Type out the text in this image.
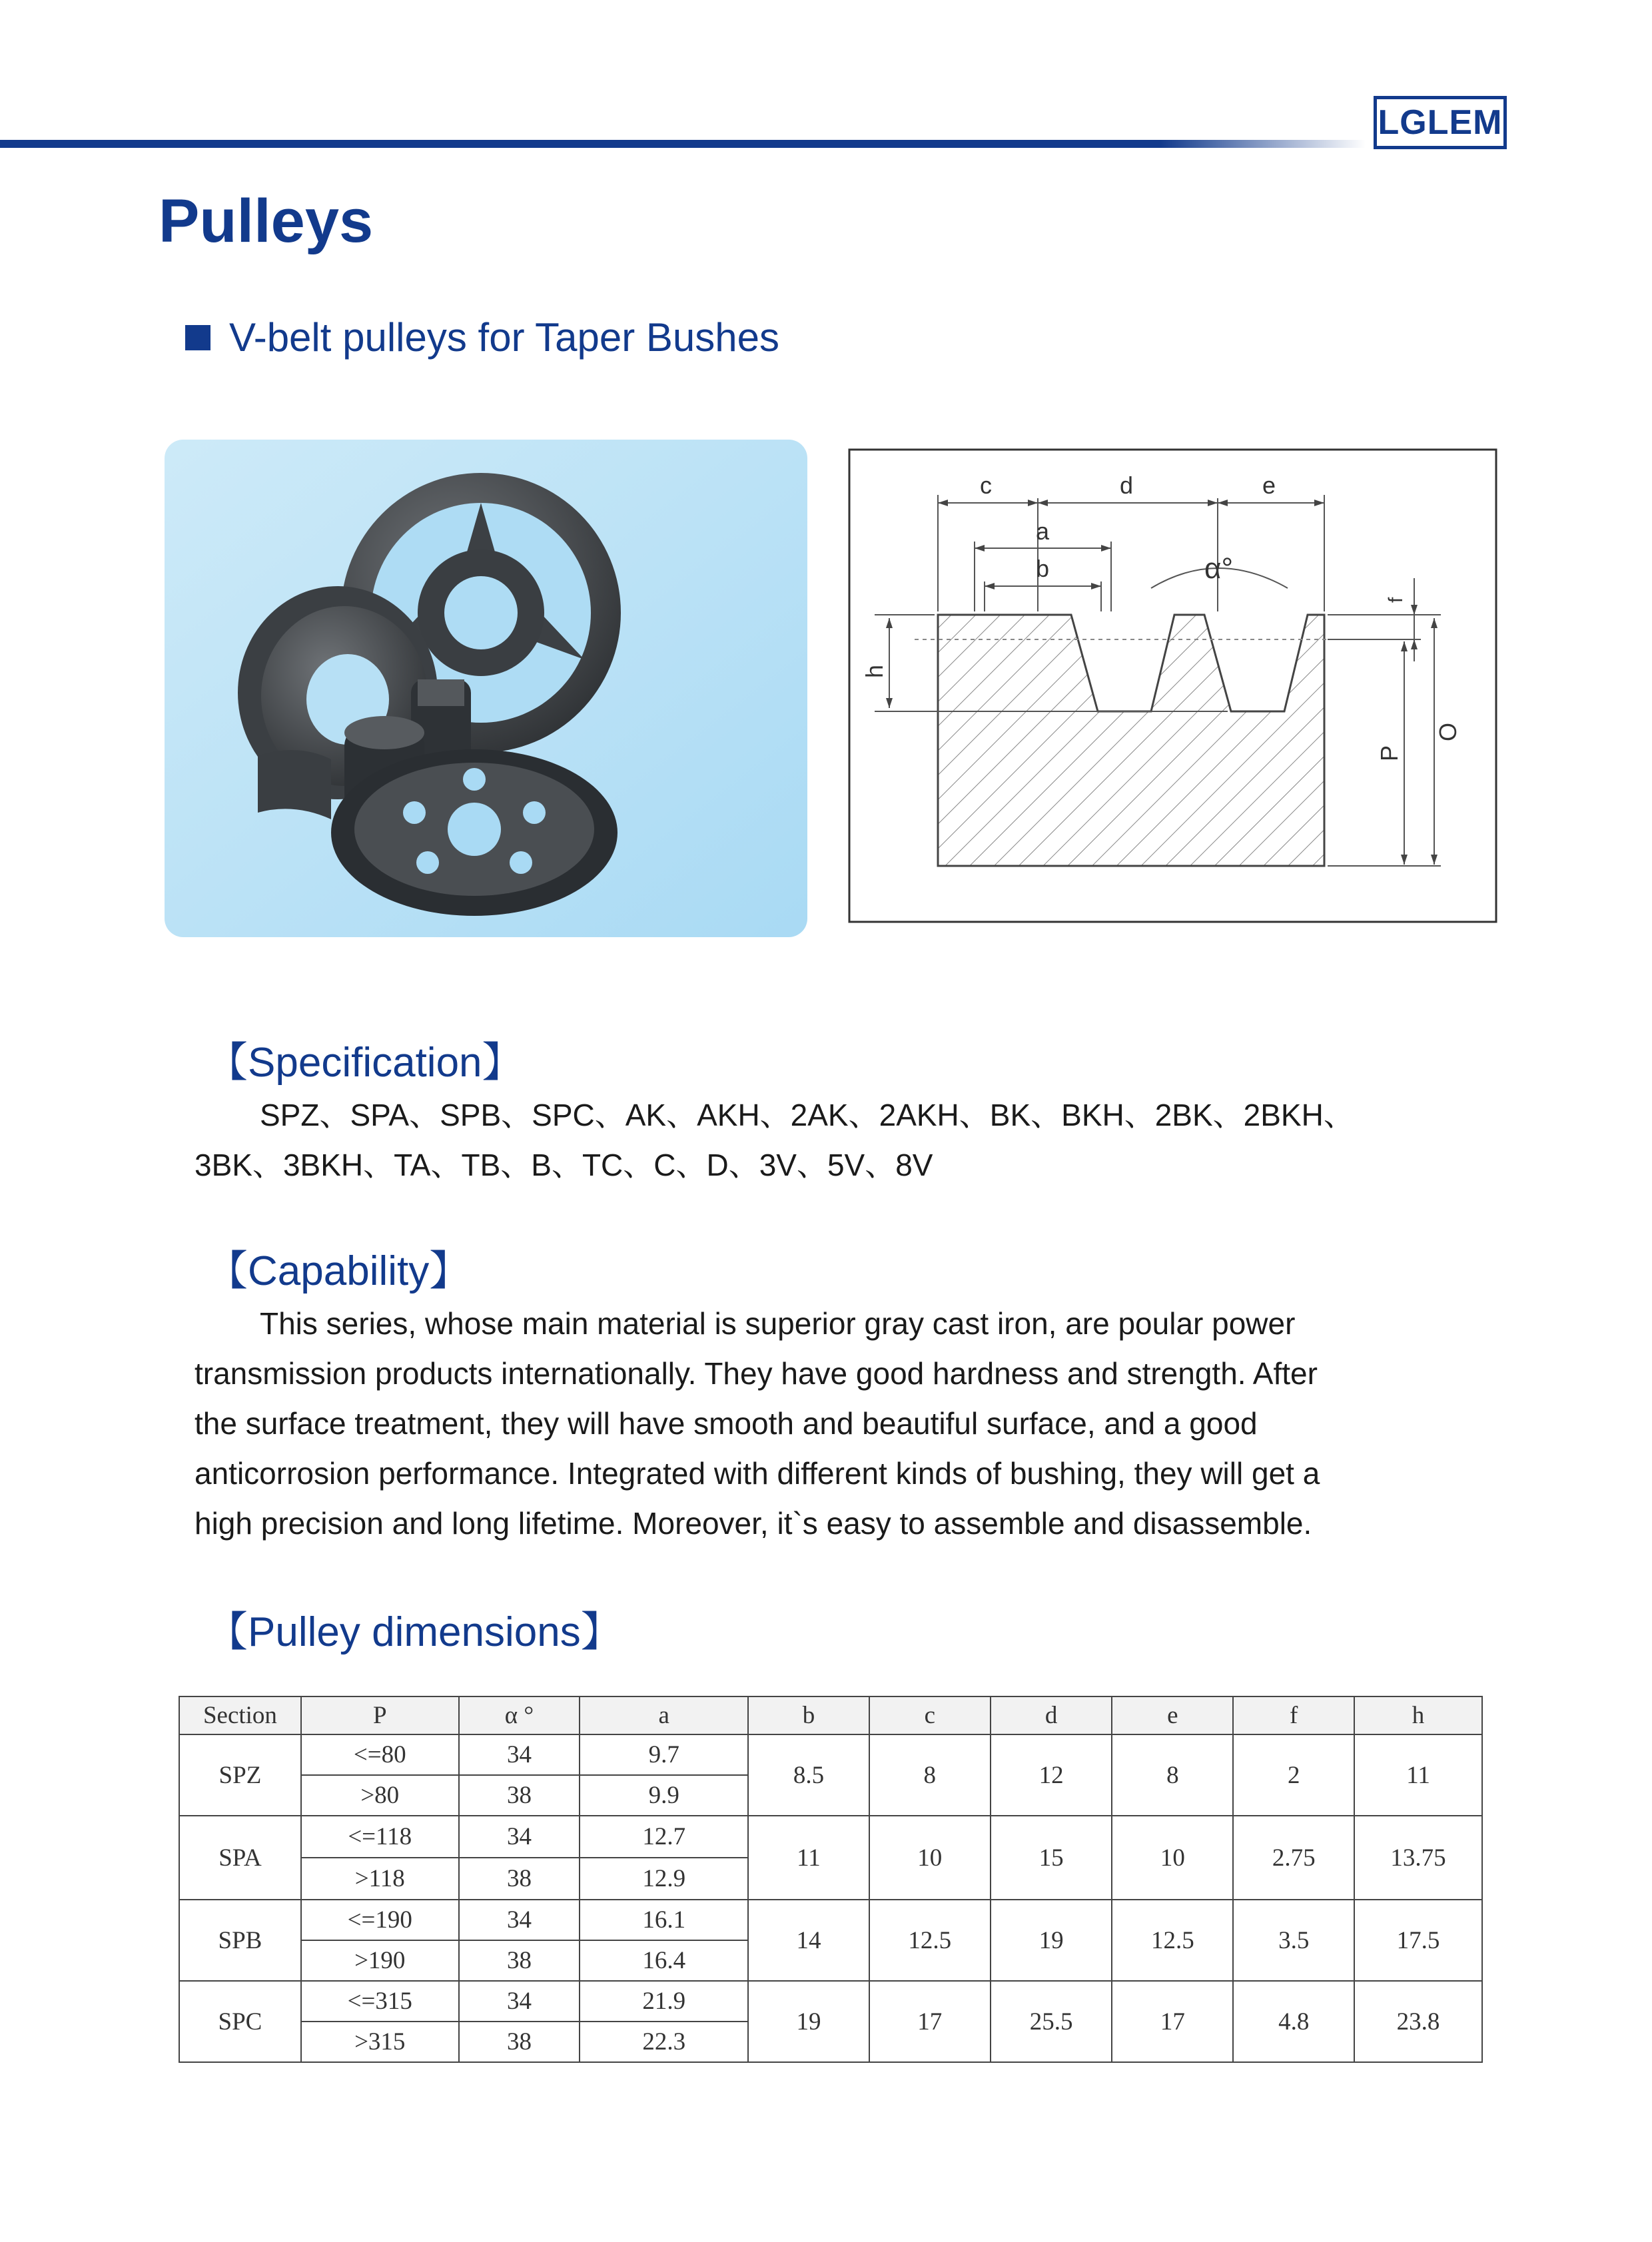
LGLEM
Pulleys
V-belt pulleys for Taper Bushes
c	d	e
a
b	α°
f
h
P
O
【Specification】
SPZ、SPA、SPB、SPC、AK、AKH、2AK、2AKH、BK、BKH、2BK、2BKH、
3BK、3BKH、TA、TB、B、TC、C、D、3V、5V、8V
【Capability】
This series, whose main material is superior gray cast iron, are poular power
transmission products internationally. They have good hardness and strength. After
the surface treatment, they will have smooth and beautiful surface, and a good
anticorrosion performance. Integrated with different kinds of bushing, they will get a
high precision and long lifetime. Moreover, it`s easy to assemble and disassemble.
【Pulley dimensions】
Section	P	α °	a	b	c	d	e	f	h
SPZ	<=80	34	9.7	8.5	8	12	8	2	11
	>80	38	9.9						
SPA	<=118	34	12.7	11	10	15	10	2.75	13.75
	>118	38	12.9						
SPB	<=190	34	16.1	14	12.5	19	12.5	3.5	17.5
	>190	38	16.4						
SPC	<=315	34	21.9	19	17	25.5	17	4.8	23.8
	>315	38	22.3						
